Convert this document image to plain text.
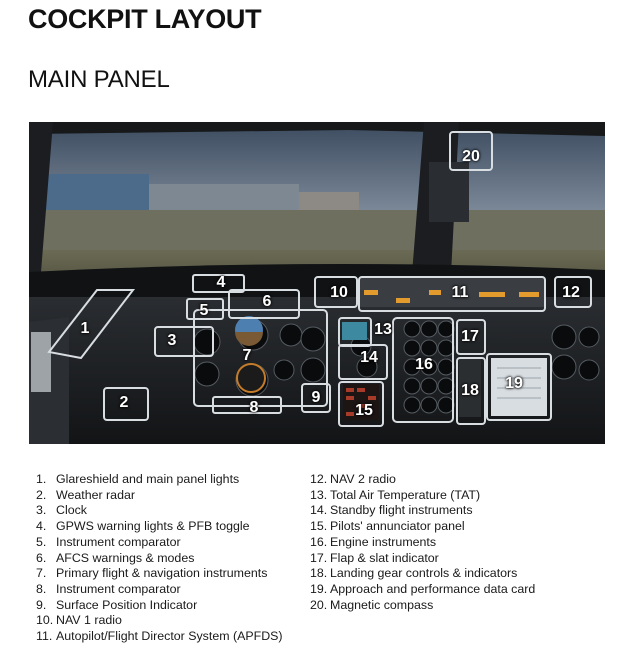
COCKPIT LAYOUT
MAIN PANEL
1
2
3
4
5
6
7
8
9
10	11	12
13
14
15
16
17
18 19
20
1. Glareshield and main panel lights
2. Weather radar
3. Clock
4. GPWS warning lights & PFB toggle
5. Instrument comparator
6. AFCS warnings & modes
7. Primary flight & navigation instruments
8. Instrument comparator
9. Surface Position Indicator
10. NAV 1 radio
11. Autopilot/Flight Director System (APFDS)
12. NAV 2 radio
13. Total Air Temperature (TAT)
14. Standby flight instruments
15. Pilots' annunciator panel
16. Engine instruments
17. Flap & slat indicator
18. Landing gear controls & indicators
19. Approach and performance data card
20. Magnetic compass
